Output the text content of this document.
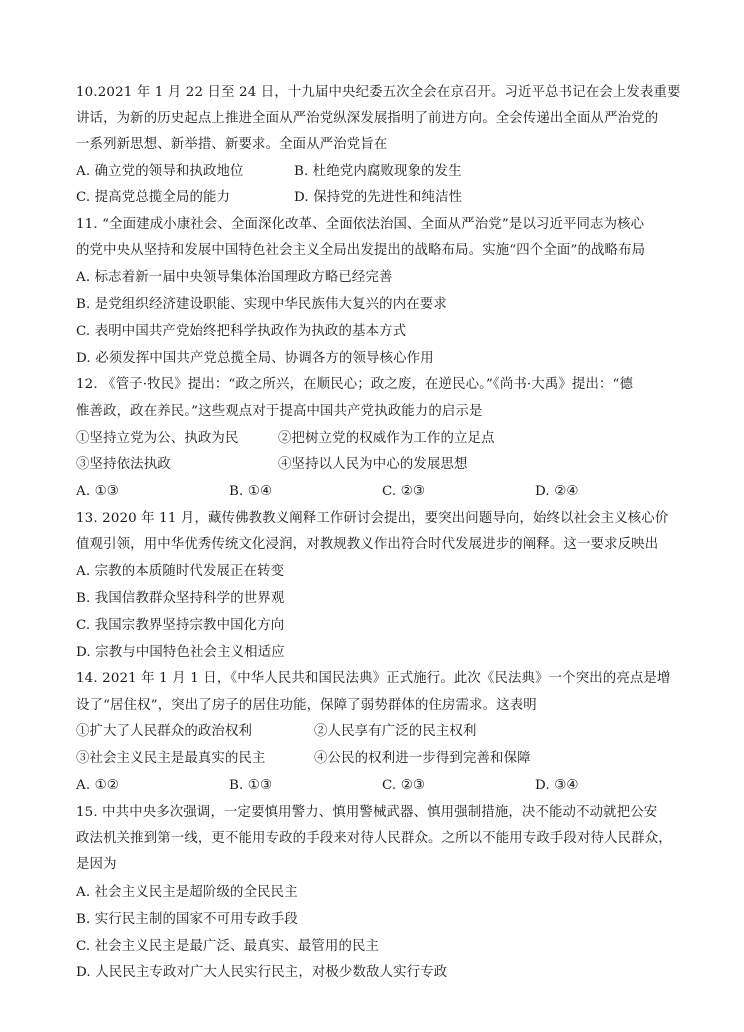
10.2021 年 1 月 22 日至 24 日，十九届中央纪委五次全会在京召开。习近平总书记在会上发表重要
讲话，为新的历史起点上推进全面从严治党纵深发展指明了前进方向。全会传递出全面从严治党的
一系列新思想、新举措、新要求。全面从严治党旨在
A. 确立党的领导和执政地位	B. 杜绝党内腐败现象的发生
C. 提高党总揽全局的能力	D. 保持党的先进性和纯洁性
11. “全面建成小康社会、全面深化改革、全面依法治国、全面从严治党”是以习近平同志为核心
的党中央从坚持和发展中国特色社会主义全局出发提出的战略布局。实施“四个全面”的战略布局
A. 标志着新一届中央领导集体治国理政方略已经完善
B. 是党组织经济建设职能、实现中华民族伟大复兴的内在要求
C. 表明中国共产党始终把科学执政作为执政的基本方式
D. 必须发挥中国共产党总揽全局、协调各方的领导核心作用
12. 《管子·牧民》提出：“政之所兴，在顺民心；政之废，在逆民心。”《尚书·大禹》提出：“德
惟善政，政在养民。”这些观点对于提高中国共产党执政能力的启示是
①坚持立党为公、执政为民	②把树立党的权威作为工作的立足点
③坚持依法执政	④坚持以人民为中心的发展思想
A. ①③	B. ①④	C. ②③	D. ②④
13. 2020 年 11 月，藏传佛教教义阐释工作研讨会提出，要突出问题导向，始终以社会主义核心价
值观引领，用中华优秀传统文化浸润，对教规教义作出符合时代发展进步的阐释。这一要求反映出
A. 宗教的本质随时代发展正在转变
B. 我国信教群众坚持科学的世界观
C. 我国宗教界坚持宗教中国化方向
D. 宗教与中国特色社会主义相适应
14. 2021 年 1 月 1 日，《中华人民共和国民法典》正式施行。此次《民法典》一个突出的亮点是增
设了“居住权”，突出了房子的居住功能，保障了弱势群体的住房需求。这表明
①扩大了人民群众的政治权利	②人民享有广泛的民主权利
③社会主义民主是最真实的民主	④公民的权利进一步得到完善和保障
A. ①②	B. ①③	C. ②③	D. ③④
15. 中共中央多次强调，一定要慎用警力、慎用警械武器、慎用强制措施，决不能动不动就把公安
政法机关推到第一线，更不能用专政的手段来对待人民群众。之所以不能用专政手段对待人民群众，
是因为
A. 社会主义民主是超阶级的全民民主
B. 实行民主制的国家不可用专政手段
C. 社会主义民主是最广泛、最真实、最管用的民主
D. 人民民主专政对广大人民实行民主，对极少数敌人实行专政
